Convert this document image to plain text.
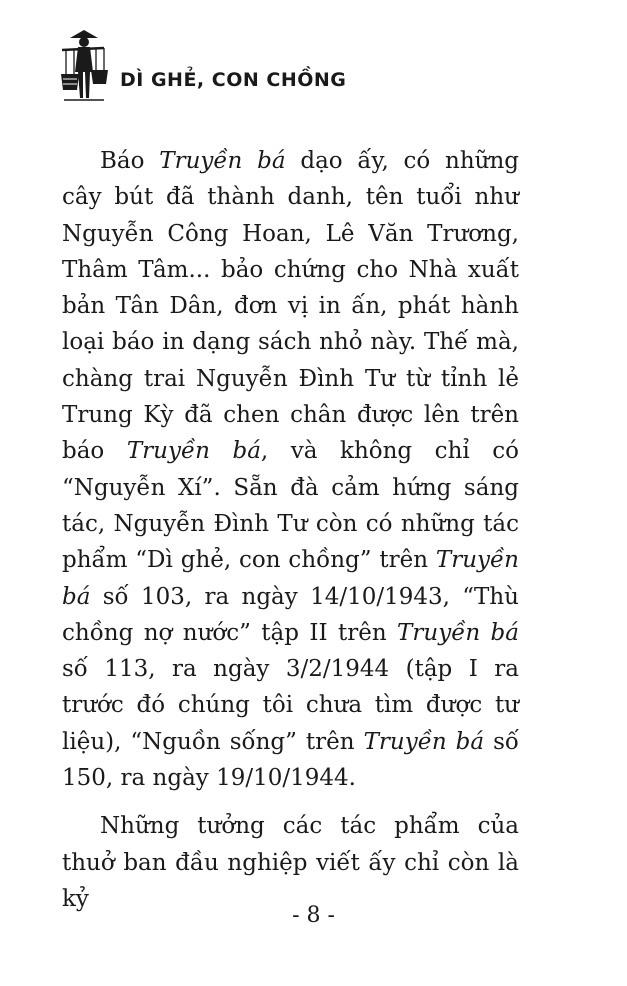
DÌ GHẺ, CON CHỒNG

Báo Truyền bá dạo ấy, có những cây bút đã thành danh, tên tuổi như Nguyễn Công Hoan, Lê Văn Trương, Thâm Tâm... bảo chứng cho Nhà xuất bản Tân Dân, đơn vị in ấn, phát hành loại báo in dạng sách nhỏ này. Thế mà, chàng trai Nguyễn Đình Tư từ tỉnh lẻ Trung Kỳ đã chen chân được lên trên báo Truyền bá, và không chỉ có “Nguyễn Xí”. Sẵn đà cảm hứng sáng tác, Nguyễn Đình Tư còn có những tác phẩm “Dì ghẻ, con chồng” trên Truyền bá số 103, ra ngày 14/10/1943, “Thù chồng nợ nước” tập II trên Truyền bá số 113, ra ngày 3/2/1944 (tập I ra trước đó chúng tôi chưa tìm được tư liệu), “Nguồn sống” trên Truyền bá số 150, ra ngày 19/10/1944.

Những tưởng các tác phẩm của thuở ban đầu nghiệp viết ấy chỉ còn là kỷ

- 8 -
